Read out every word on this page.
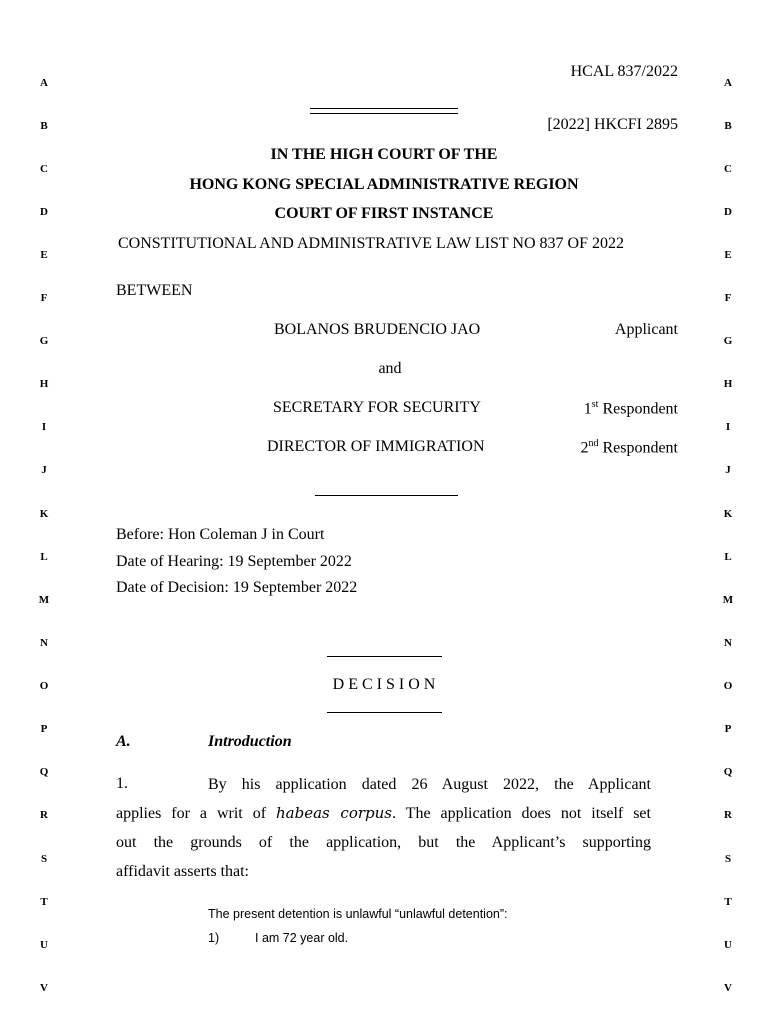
A
B
C
D
E
F
G
H
I
J
K
L
M
N
O
P
Q
R
S
T
U
V
A
B
C
D
E
F
G
H
I
J
K
L
M
N
O
P
Q
R
S
T
U
V
HCAL 837/2022
[2022] HKCFI 2895
IN THE HIGH COURT OF THE
HONG KONG SPECIAL ADMINISTRATIVE REGION
COURT OF FIRST INSTANCE
CONSTITUTIONAL AND ADMINISTRATIVE LAW LIST NO 837 OF 2022
BETWEEN
BOLANOS BRUDENCIO JAO	Applicant
and
SECRETARY FOR SECURITY	1st Respondent
DIRECTOR OF IMMIGRATION	2nd Respondent
Before: Hon Coleman J in Court
Date of Hearing: 19 September 2022
Date of Decision: 19 September 2022
D E C I S I O N
A.	Introduction
1.	By his application dated 26 August 2022, the Applicant
applies for a writ of habeas corpus. The application does not itself set
out the grounds of the application, but the Applicant’s supporting
affidavit asserts that:
The present detention is unlawful “unlawful detention”:
1)	I am 72 year old.
